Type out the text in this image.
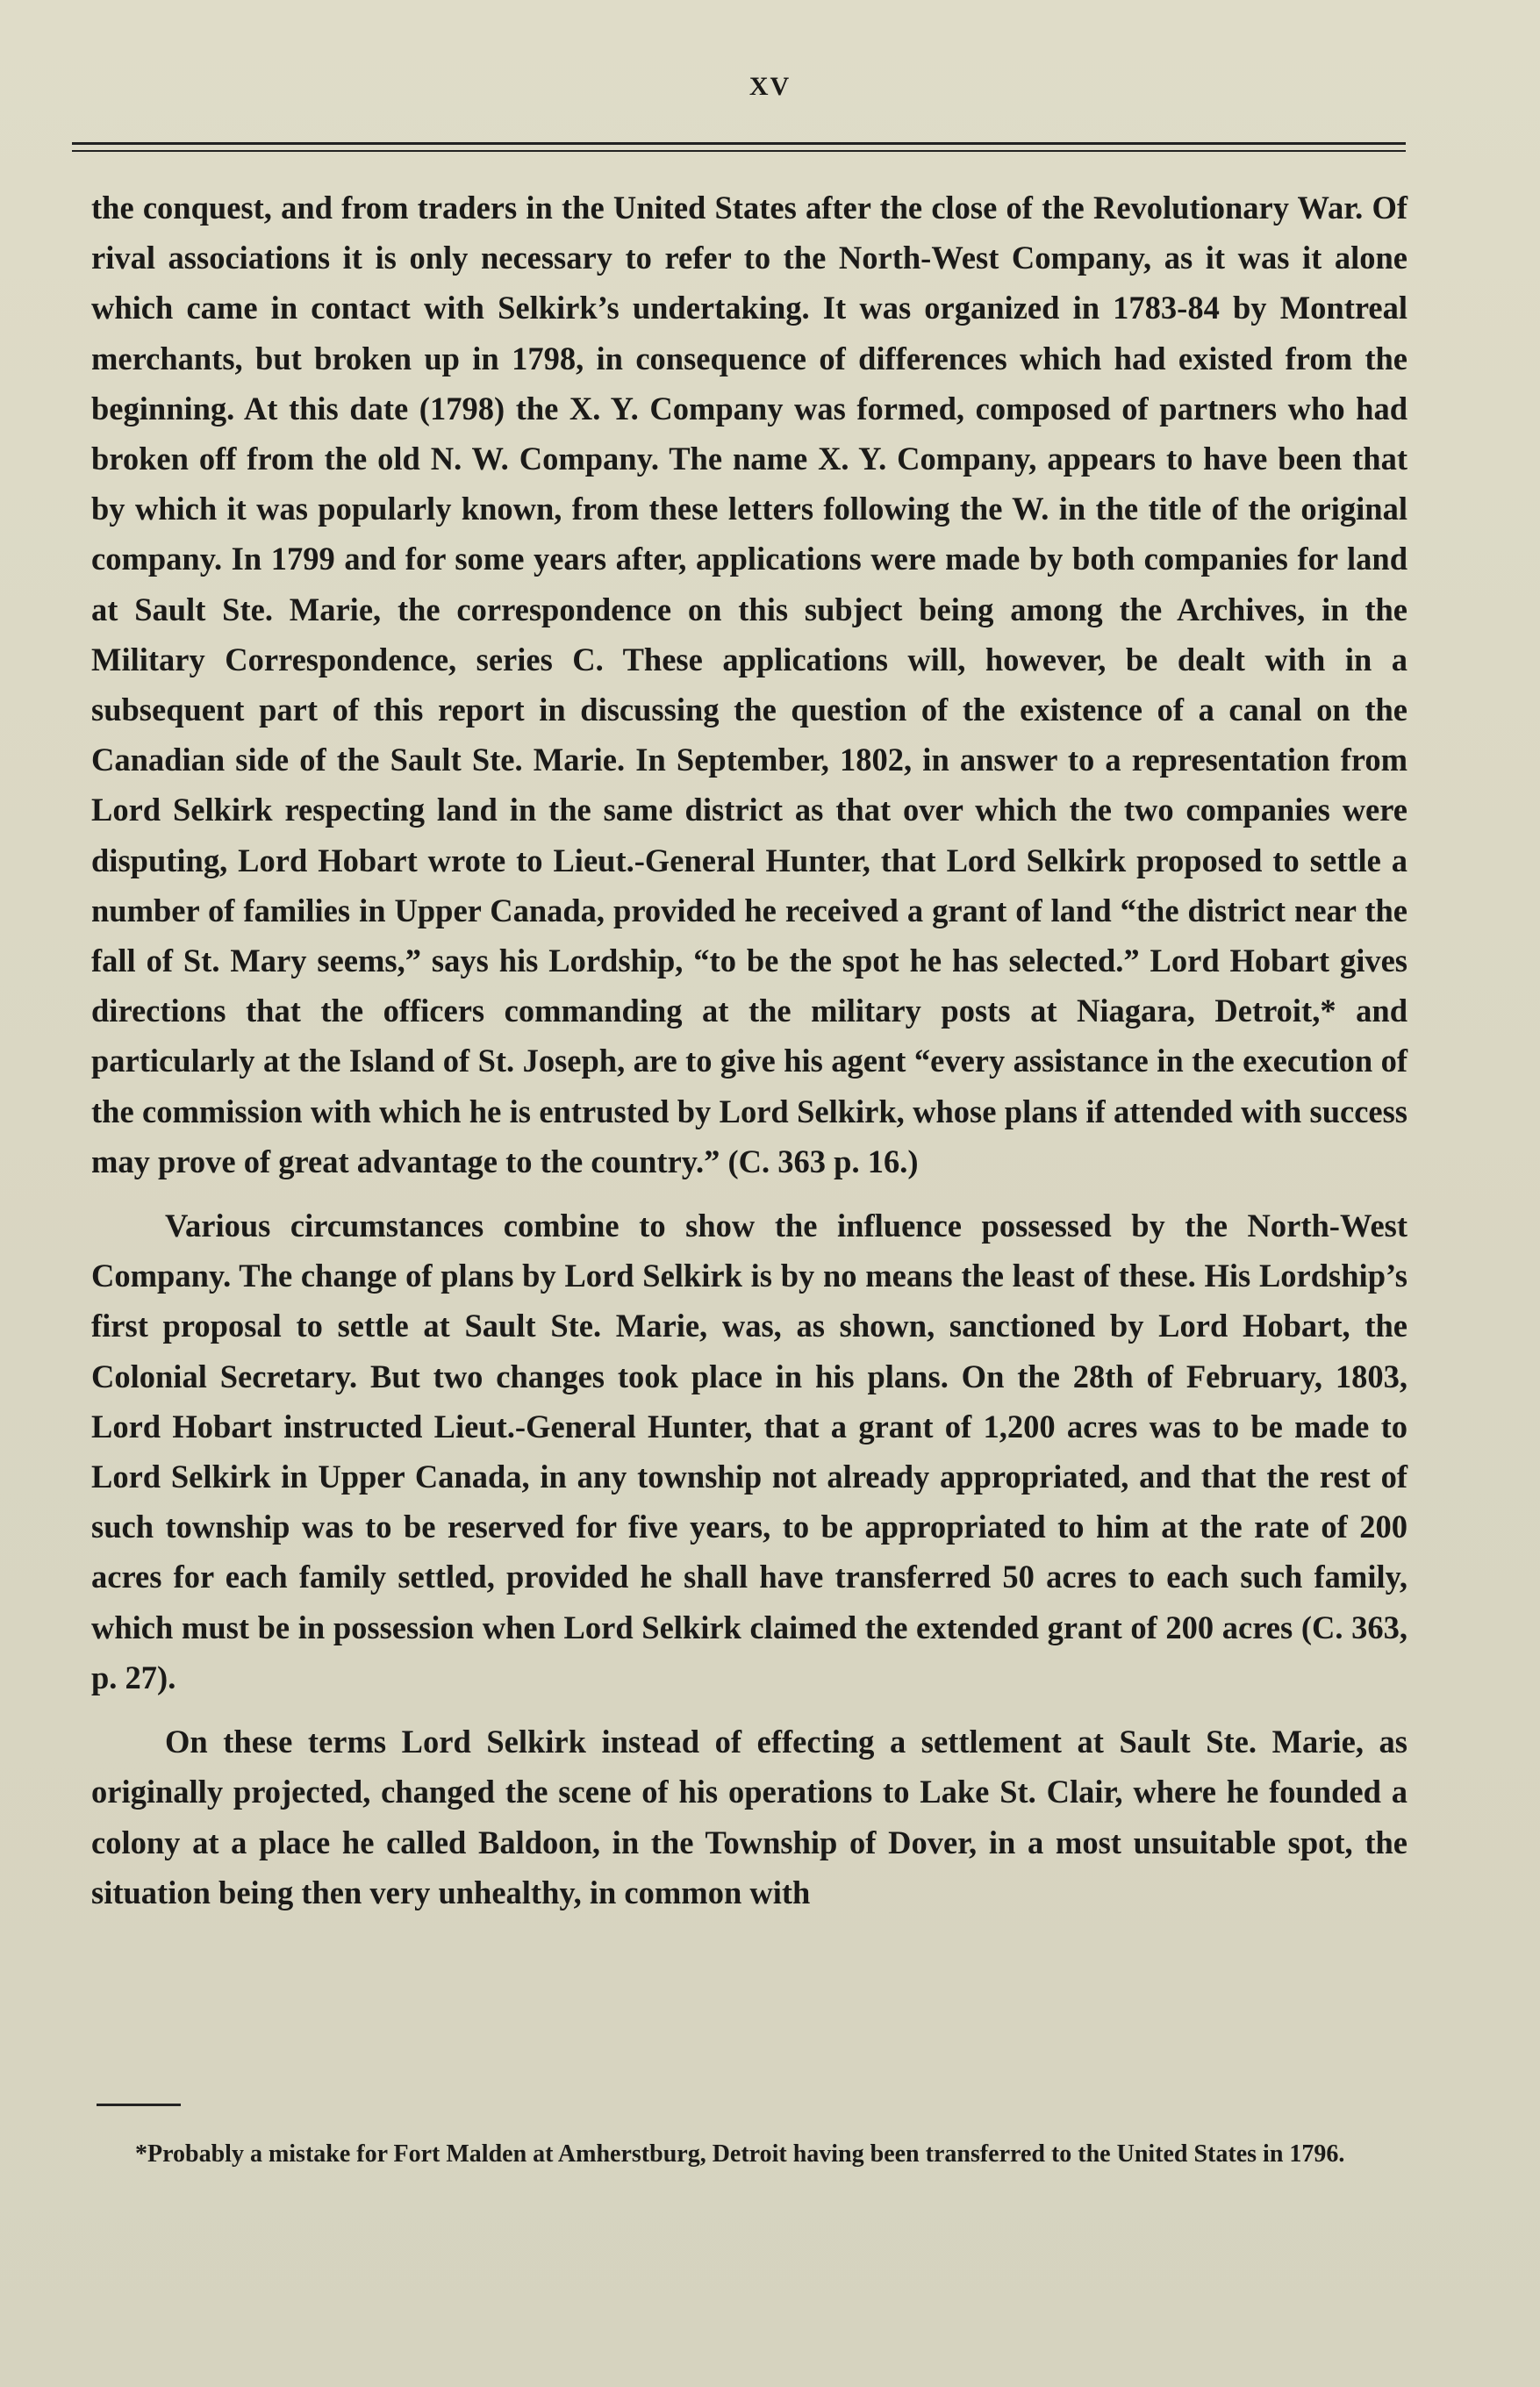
XV

the conquest, and from traders in the United States after the close of the Revolutionary War. Of rival associations it is only necessary to refer to the North-West Company, as it was it alone which came in contact with Selkirk’s undertaking. It was organized in 1783-84 by Montreal merchants, but broken up in 1798, in consequence of differences which had existed from the beginning. At this date (1798) the X. Y. Company was formed, composed of partners who had broken off from the old N. W. Company. The name X. Y. Company, appears to have been that by which it was popularly known, from these letters following the W. in the title of the original company. In 1799 and for some years after, applications were made by both companies for land at Sault Ste. Marie, the correspondence on this subject being among the Archives, in the Military Correspondence, series C. These applications will, however, be dealt with in a subsequent part of this report in discussing the question of the existence of a canal on the Canadian side of the Sault Ste. Marie. In September, 1802, in answer to a representation from Lord Selkirk respecting land in the same district as that over which the two companies were disputing, Lord Hobart wrote to Lieut.-General Hunter, that Lord Selkirk proposed to settle a number of families in Upper Canada, provided he received a grant of land “the district near the fall of St. Mary seems,” says his Lordship, “to be the spot he has selected.” Lord Hobart gives directions that the officers commanding at the military posts at Niagara, Detroit,* and particularly at the Island of St. Joseph, are to give his agent “every assistance in the execution of the commission with which he is entrusted by Lord Selkirk, whose plans if attended with success may prove of great advantage to the country.” (C. 363 p. 16.)

Various circumstances combine to show the influence possessed by the North-West Company. The change of plans by Lord Selkirk is by no means the least of these. His Lordship’s first proposal to settle at Sault Ste. Marie, was, as shown, sanctioned by Lord Hobart, the Colonial Secretary. But two changes took place in his plans. On the 28th of February, 1803, Lord Hobart instructed Lieut.-General Hunter, that a grant of 1,200 acres was to be made to Lord Selkirk in Upper Canada, in any township not already appropriated, and that the rest of such township was to be reserved for five years, to be appropriated to him at the rate of 200 acres for each family settled, provided he shall have transferred 50 acres to each such family, which must be in possession when Lord Selkirk claimed the extended grant of 200 acres (C. 363, p. 27).

On these terms Lord Selkirk instead of effecting a settlement at Sault Ste. Marie, as originally projected, changed the scene of his operations to Lake St. Clair, where he founded a colony at a place he called Baldoon, in the Township of Dover, in a most unsuitable spot, the situation being then very unhealthy, in common with

*Probably a mistake for Fort Malden at Amherstburg, Detroit having been transferred to the United States in 1796.
